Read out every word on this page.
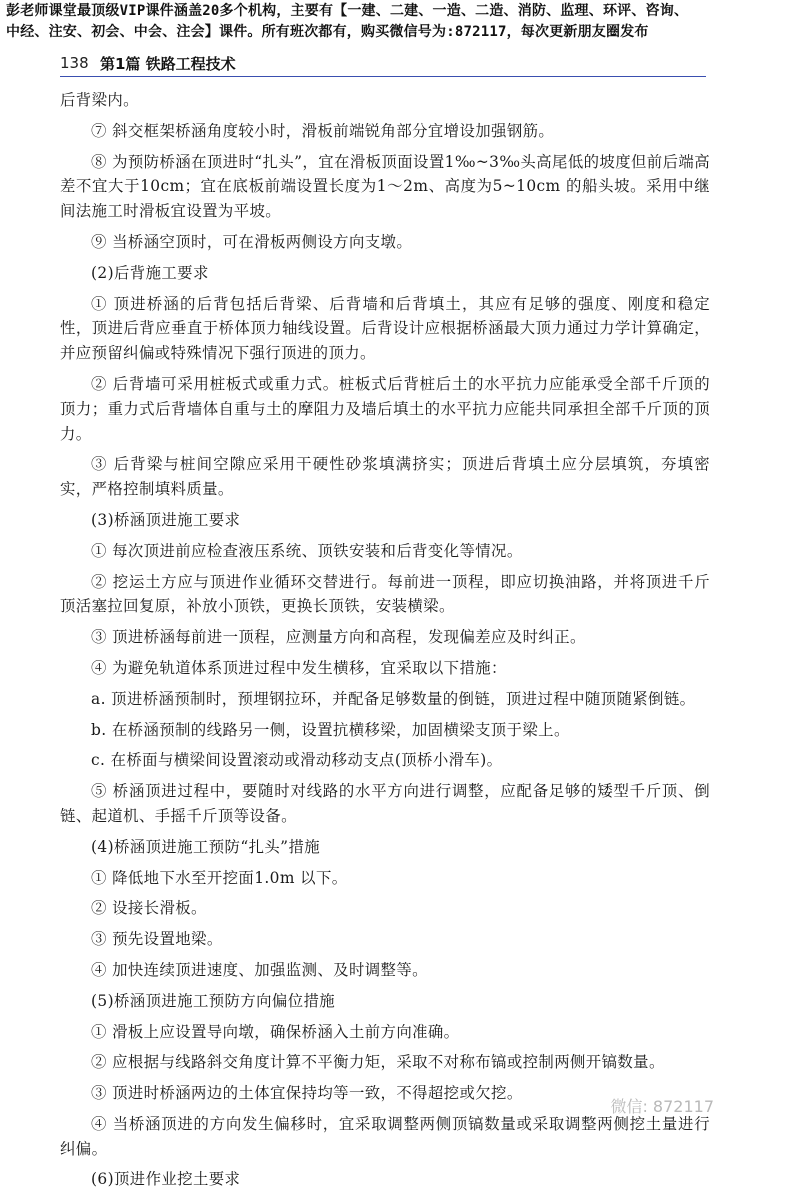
彭老师课堂最顶级VIP课件涵盖20多个机构，主要有【一建、二建、一造、二造、消防、监理、环评、咨询、
中经、注安、初会、中会、注会】课件。所有班次都有，购买微信号为:872117，每次更新朋友圈发布
138 第1篇 铁路工程技术

后背梁内。

⑦ 斜交框架桥涵角度较小时，滑板前端锐角部分宜增设加强钢筋。

⑧ 为预防桥涵在顶进时“扎头”，宜在滑板顶面设置1‰~3‰头高尾低的坡度但前后端高差不宜大于10cm；宜在底板前端设置长度为1～2m、高度为5~10cm 的船头坡。采用中继间法施工时滑板宜设置为平坡。

⑨ 当桥涵空顶时，可在滑板两侧设方向支墩。

(2)后背施工要求

① 顶进桥涵的后背包括后背梁、后背墙和后背填土，其应有足够的强度、刚度和稳定性，顶进后背应垂直于桥体顶力轴线设置。后背设计应根据桥涵最大顶力通过力学计算确定，并应预留纠偏或特殊情况下强行顶进的顶力。

② 后背墙可采用桩板式或重力式。桩板式后背桩后土的水平抗力应能承受全部千斤顶的顶力；重力式后背墙体自重与土的摩阻力及墙后填土的水平抗力应能共同承担全部千斤顶的顶力。

③ 后背梁与桩间空隙应采用干硬性砂浆填满挤实；顶进后背填土应分层填筑，夯填密实，严格控制填料质量。

(3)桥涵顶进施工要求

① 每次顶进前应检查液压系统、顶铁安装和后背变化等情况。

② 挖运土方应与顶进作业循环交替进行。每前进一顶程，即应切换油路，并将顶进千斤顶活塞拉回复原，补放小顶铁，更换长顶铁，安装横梁。

③ 顶进桥涵每前进一顶程，应测量方向和高程，发现偏差应及时纠正。

④ 为避免轨道体系顶进过程中发生横移，宜采取以下措施：

a. 顶进桥涵预制时，预埋钢拉环，并配备足够数量的倒链，顶进过程中随顶随紧倒链。

b. 在桥涵预制的线路另一侧，设置抗横移梁，加固横梁支顶于梁上。

c. 在桥面与横梁间设置滚动或滑动移动支点(顶桥小滑车)。

⑤ 桥涵顶进过程中，要随时对线路的水平方向进行调整，应配备足够的矮型千斤顶、倒链、起道机、手摇千斤顶等设备。

(4)桥涵顶进施工预防“扎头”措施

① 降低地下水至开挖面1.0m 以下。

② 设接长滑板。

③ 预先设置地梁。

④ 加快连续顶进速度、加强监测、及时调整等。

(5)桥涵顶进施工预防方向偏位措施

① 滑板上应设置导向墩，确保桥涵入土前方向准确。

② 应根据与线路斜交角度计算不平衡力矩，采取不对称布镐或控制两侧开镐数量。

③ 顶进时桥涵两边的土体宜保持均等一致，不得超挖或欠挖。

④ 当桥涵顶进的方向发生偏移时，宜采取调整两侧顶镐数量或采取调整两侧挖土量进行纠偏。

(6)顶进作业挖土要求

微信: 872117
